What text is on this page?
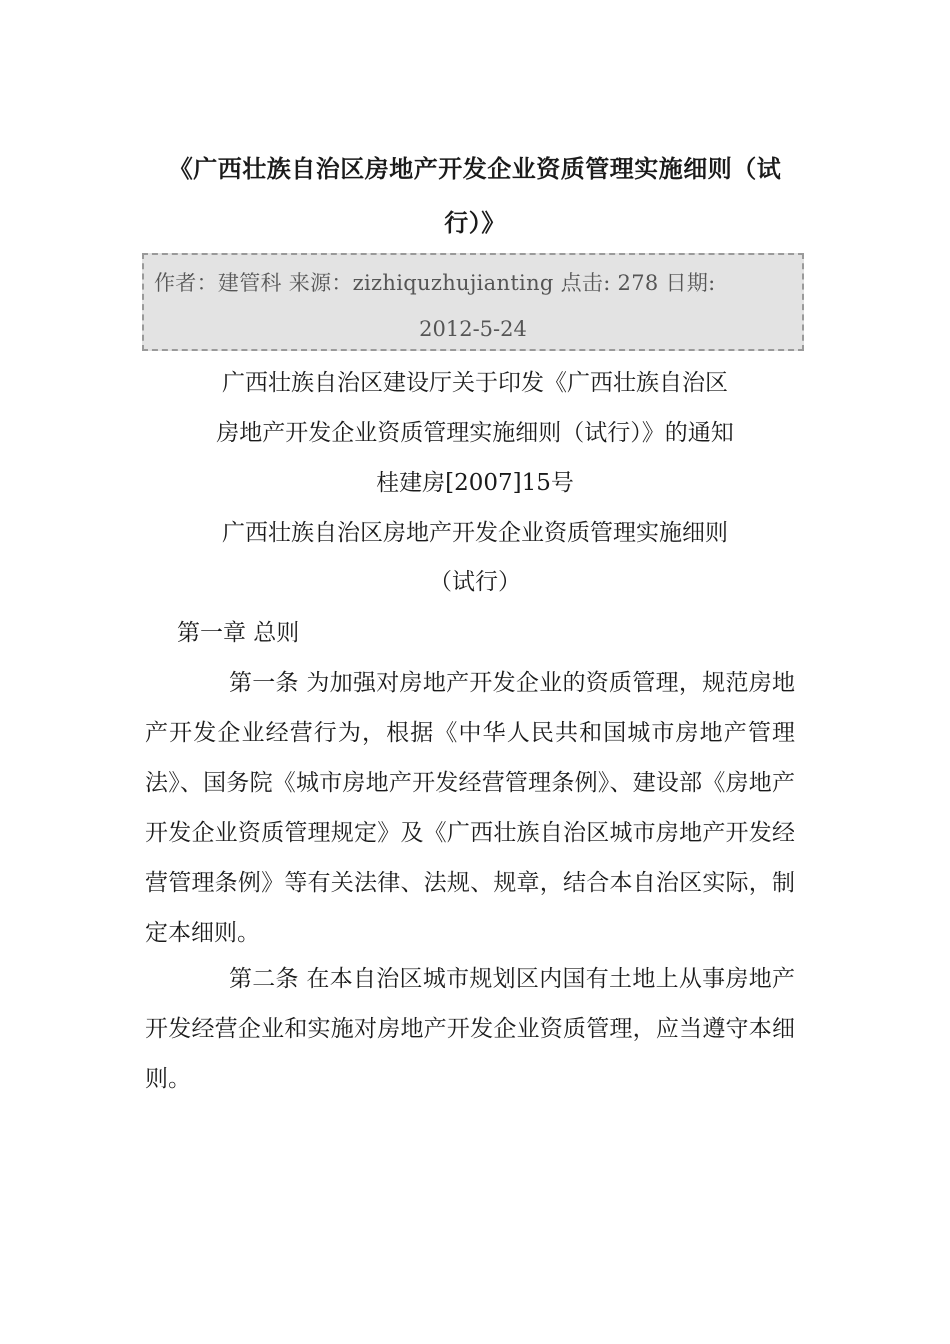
《广西壮族自治区房地产开发企业资质管理实施细则（试行）》
作者：建管科 来源：zizhiquzhujianting 点击: 278 日期:
2012-5-24
广西壮族自治区建设厅关于印发《广西壮族自治区
房地产开发企业资质管理实施细则（试行）》的通知
桂建房[2007]15号
广西壮族自治区房地产开发企业资质管理实施细则
（试行）
第一章 总则
第一条 为加强对房地产开发企业的资质管理，规范房地产开发企业经营行为，根据《中华人民共和国城市房地产管理法》、国务院《城市房地产开发经营管理条例》、建设部《房地产开发企业资质管理规定》及《广西壮族自治区城市房地产开发经营管理条例》等有关法律、法规、规章，结合本自治区实际，制定本细则。
第二条 在本自治区城市规划区内国有土地上从事房地产开发经营企业和实施对房地产开发企业资质管理，应当遵守本细则。
